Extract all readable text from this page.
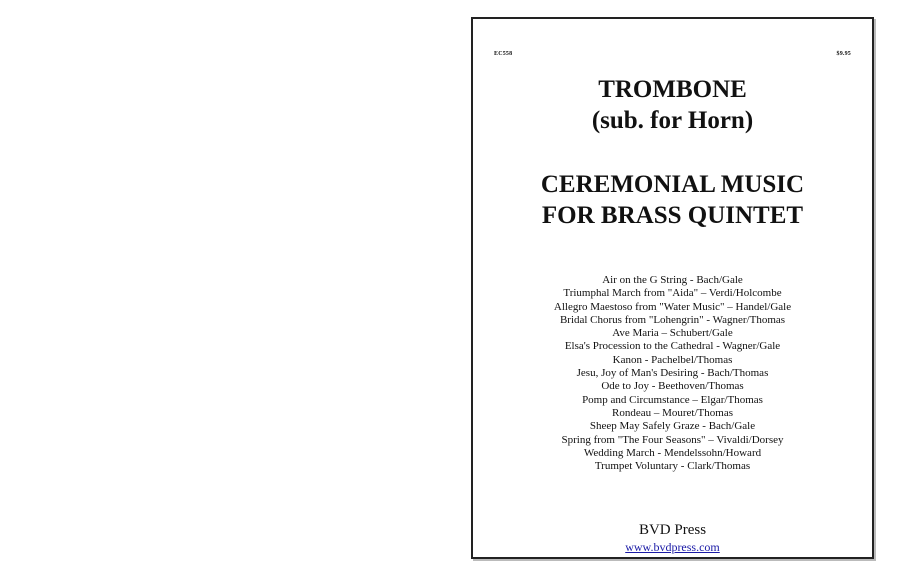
EC558	$9.95
TROMBONE
(sub. for Horn)
CEREMONIAL MUSIC
FOR BRASS QUINTET
Air on the G String - Bach/Gale
Triumphal March from "Aida" – Verdi/Holcombe
Allegro Maestoso from "Water Music" – Handel/Gale
Bridal Chorus from "Lohengrin" - Wagner/Thomas
Ave Maria – Schubert/Gale
Elsa's Procession to the Cathedral - Wagner/Gale
Kanon - Pachelbel/Thomas
Jesu, Joy of Man's Desiring - Bach/Thomas
Ode to Joy - Beethoven/Thomas
Pomp and Circumstance – Elgar/Thomas
Rondeau – Mouret/Thomas
Sheep May Safely Graze - Bach/Gale
Spring from "The Four Seasons" – Vivaldi/Dorsey
Wedding March - Mendelssohn/Howard
Trumpet Voluntary - Clark/Thomas
BVD Press
www.bvdpress.com
